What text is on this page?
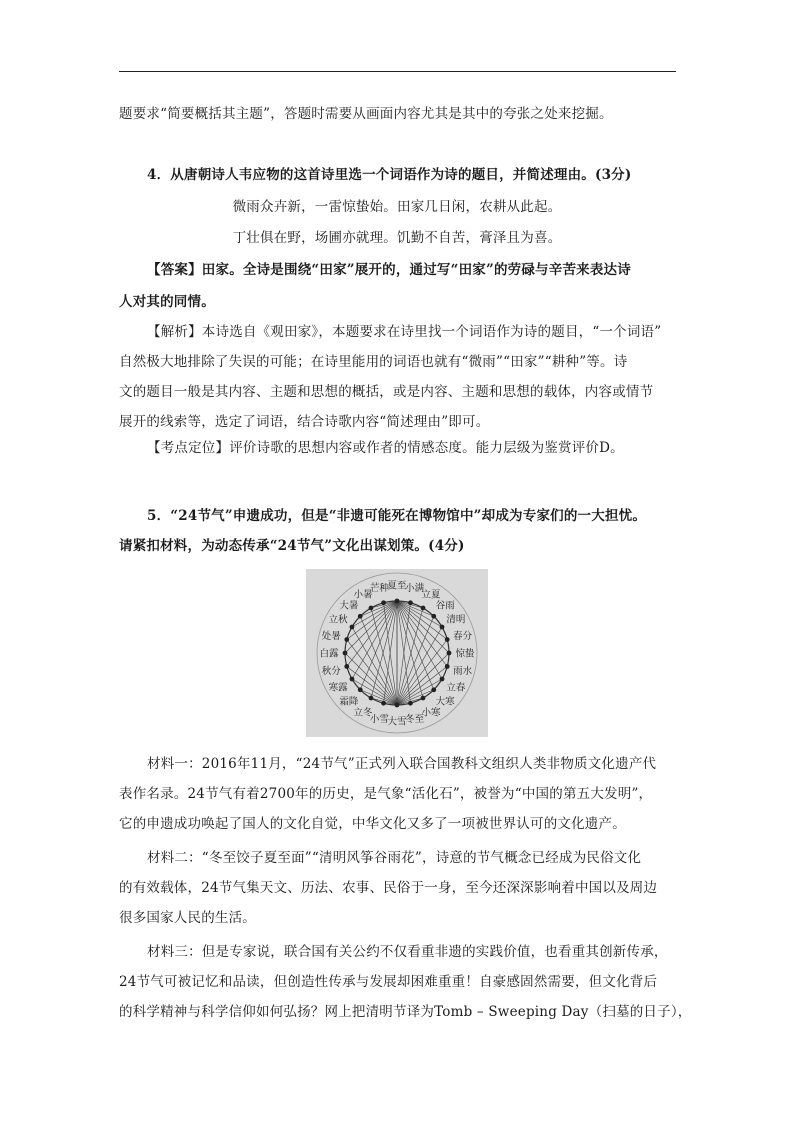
题要求“简要概括其主题”，答题时需要从画面内容尤其是其中的夸张之处来挖掘。
4．从唐朝诗人韦应物的这首诗里选一个词语作为诗的题目，并简述理由。(3分)
微雨众卉新，一雷惊蛰始。田家几日闲，农耕从此起。
丁壮俱在野，场圃亦就理。饥勤不自苦，膏泽且为喜。
【答案】田家。全诗是围绕“田家”展开的，通过写“田家”的劳碌与辛苦来表达诗
人对其的同情。
【解析】本诗选自《观田家》，本题要求在诗里找一个词语作为诗的题目，“一个词语”
自然极大地排除了失误的可能；在诗里能用的词语也就有“微雨”“田家”“耕种”等。诗
文的题目一般是其内容、主题和思想的概括，或是内容、主题和思想的载体，内容或情节
展开的线索等，选定了词语，结合诗歌内容“简述理由”即可。
【考点定位】评价诗歌的思想内容或作者的情感态度。能力层级为鉴赏评价D。
5．“24节气”申遗成功，但是“非遗可能死在博物馆中”却成为专家们的一大担忧。
请紧扣材料，为动态传承“24节气”文化出谋划策。(4分)
夏至
小满
立夏
谷雨
清明
春分
惊蛰
雨水
立春
大寒
小寒
冬至
大雪
小雪
立冬
霜降
寒露
秋分
白露
处暑
立秋
大暑
小暑
芒种
材料一：2016年11月，“24节气”正式列入联合国教科文组织人类非物质文化遗产代
表作名录。24节气有着2700年的历史，是气象“活化石”，被誉为“中国的第五大发明”，
它的申遗成功唤起了国人的文化自觉，中华文化又多了一项被世界认可的文化遗产。
材料二：“冬至饺子夏至面”“清明风筝谷雨花”，诗意的节气概念已经成为民俗文化
的有效载体，24节气集天文、历法、农事、民俗于一身，至今还深深影响着中国以及周边
很多国家人民的生活。
材料三：但是专家说，联合国有关公约不仅看重非遗的实践价值，也看重其创新传承，
24节气可被记忆和品读，但创造性传承与发展却困难重重！自豪感固然需要，但文化背后
的科学精神与科学信仰如何弘扬？网上把清明节译为Tomb – Sweeping Day（扫墓的日子），
